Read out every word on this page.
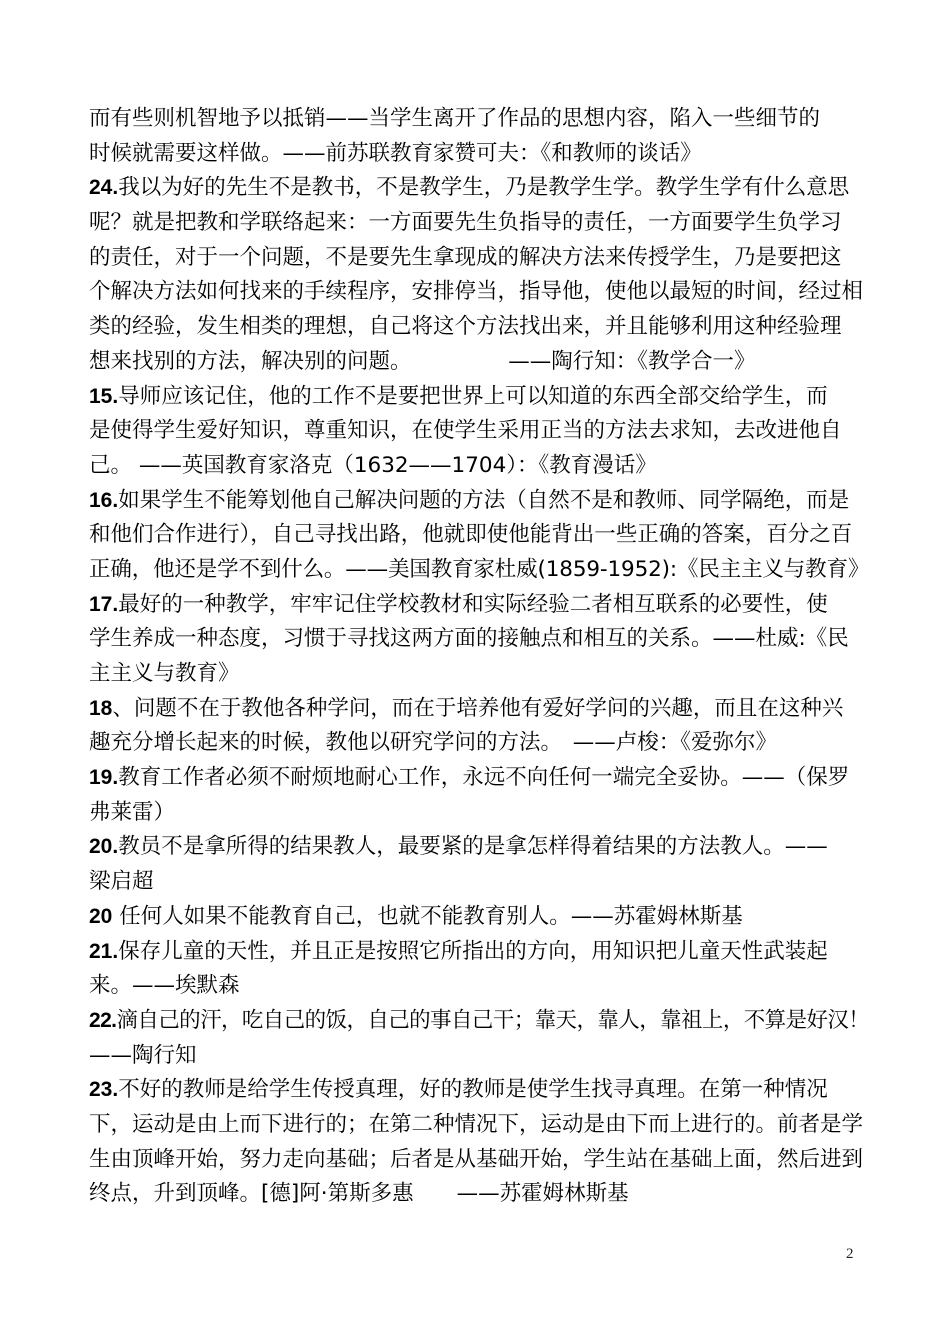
而有些则机智地予以抵销——当学生离开了作品的思想内容，陷入一些细节的
时候就需要这样做。——前苏联教育家赞可夫：《和教师的谈话》
24.我以为好的先生不是教书，不是教学生，乃是教学生学。教学生学有什么意思
呢？就是把教和学联络起来：一方面要先生负指导的责任，一方面要学生负学习
的责任，对于一个问题，不是要先生拿现成的解决方法来传授学生，乃是要把这
个解决方法如何找来的手续程序，安排停当，指导他，使他以最短的时间，经过相
类的经验，发生相类的理想，自己将这个方法找出来，并且能够利用这种经验理
想来找别的方法，解决别的问题。　　　　　——陶行知：《教学合一》
15.导师应该记住，他的工作不是要把世界上可以知道的东西全部交给学生，而
是使得学生爱好知识，尊重知识，在使学生采用正当的方法去求知，去改进他自
己。 ——英国教育家洛克（1632——1704）：《教育漫话》
16.如果学生不能筹划他自己解决问题的方法（自然不是和教师、同学隔绝，而是
和他们合作进行），自己寻找出路，他就即使他能背出一些正确的答案，百分之百
正确，他还是学不到什么。——美国教育家杜威(1859-1952):《民主主义与教育》
17.最好的一种教学，牢牢记住学校教材和实际经验二者相互联系的必要性，使
学生养成一种态度，习惯于寻找这两方面的接触点和相互的关系。——杜威:《民
主主义与教育》
18、问题不在于教他各种学问，而在于培养他有爱好学问的兴趣，而且在这种兴
趣充分增长起来的时候，教他以研究学问的方法。　——卢梭：《爱弥尔》
19.教育工作者必须不耐烦地耐心工作，永远不向任何一端完全妥协。——（保罗
弗莱雷）
20.教员不是拿所得的结果教人，最要紧的是拿怎样得着结果的方法教人。——
梁启超
20 任何人如果不能教育自己，也就不能教育别人。——苏霍姆林斯基
21.保存儿童的天性，并且正是按照它所指出的方向，用知识把儿童天性武装起
来。——埃默森
22.滴自己的汗，吃自己的饭，自己的事自己干；靠天，靠人，靠祖上，不算是好汉！
——陶行知
23.不好的教师是给学生传授真理，好的教师是使学生找寻真理。在第一种情况
下，运动是由上而下进行的；在第二种情况下，运动是由下而上进行的。前者是学
生由顶峰开始，努力走向基础；后者是从基础开始，学生站在基础上面，然后进到
终点，升到顶峰。[德]阿·第斯多惠　　——苏霍姆林斯基
2
